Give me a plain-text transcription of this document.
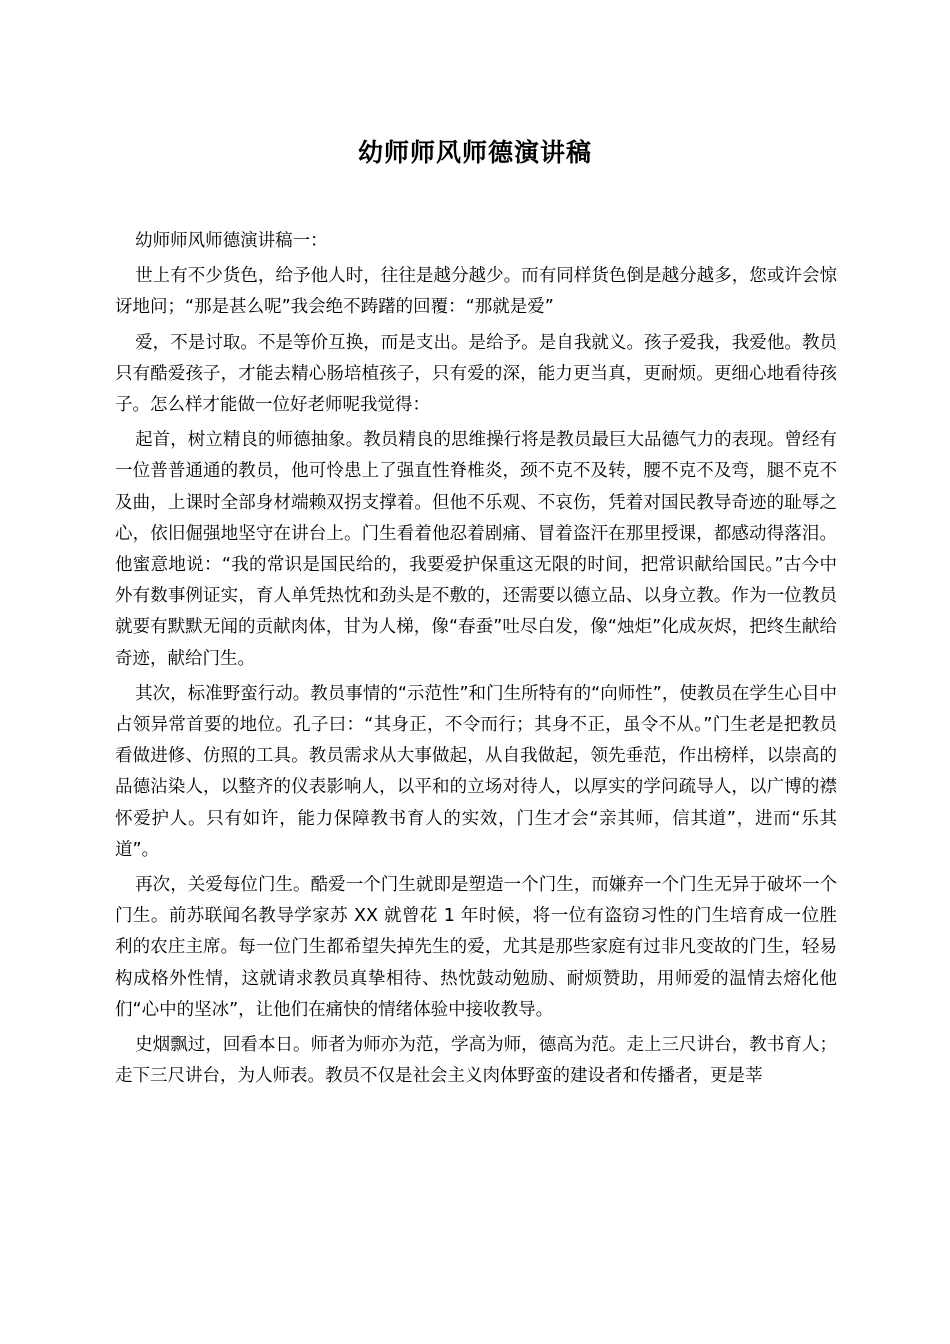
幼师师风师德演讲稿

幼师师风师德演讲稿一：

世上有不少货色，给予他人时，往往是越分越少。而有同样货色倒是越分越多，您或许会惊讶地问；“那是甚么呢”我会绝不踌躇的回覆：“那就是爱”

爱，不是讨取。不是等价互换，而是支出。是给予。是自我就义。孩子爱我，我爱他。教员只有酷爱孩子，才能去精心肠培植孩子，只有爱的深，能力更当真，更耐烦。更细心地看待孩子。怎么样才能做一位好老师呢我觉得：

起首，树立精良的师德抽象。教员精良的思维操行将是教员最巨大品德气力的表现。曾经有一位普普通通的教员，他可怜患上了强直性脊椎炎，颈不克不及转，腰不克不及弯，腿不克不及曲，上课时全部身材端赖双拐支撑着。但他不乐观、不哀伤，凭着对国民教导奇迹的耻辱之心，依旧倔强地坚守在讲台上。门生看着他忍着剧痛、冒着盗汗在那里授课，都感动得落泪。他蜜意地说：“我的常识是国民给的，我要爱护保重这无限的时间，把常识献给国民。”古今中外有数事例证实，育人单凭热忱和劲头是不敷的，还需要以德立品、以身立教。作为一位教员就要有默默无闻的贡献肉体，甘为人梯，像“春蚕”吐尽白发，像“烛炬”化成灰烬，把终生献给奇迹，献给门生。

其次，标准野蛮行动。教员事情的“示范性”和门生所特有的“向师性”，使教员在学生心目中占领异常首要的地位。孔子曰：“其身正，不令而行；其身不正，虽令不从。”门生老是把教员看做进修、仿照的工具。教员需求从大事做起，从自我做起，领先垂范，作出榜样，以崇高的品德沾染人，以整齐的仪表影响人，以平和的立场对待人，以厚实的学问疏导人，以广博的襟怀爱护人。只有如许，能力保障教书育人的实效，门生才会“亲其师，信其道”，进而“乐其道”。

再次，关爱每位门生。酷爱一个门生就即是塑造一个门生，而嫌弃一个门生无异于破坏一个门生。前苏联闻名教导学家苏 XX 就曾花 1 年时候，将一位有盗窃习性的门生培育成一位胜利的农庄主席。每一位门生都希望失掉先生的爱，尤其是那些家庭有过非凡变故的门生，轻易构成格外性情，这就请求教员真挚相待、热忱鼓动勉励、耐烦赞助，用师爱的温情去熔化他们“心中的坚冰”，让他们在痛快的情绪体验中接收教导。

史烟飘过，回看本日。师者为师亦为范，学高为师，德高为范。走上三尺讲台，教书育人；走下三尺讲台，为人师表。教员不仅是社会主义肉体野蛮的建设者和传播者，更是莘
